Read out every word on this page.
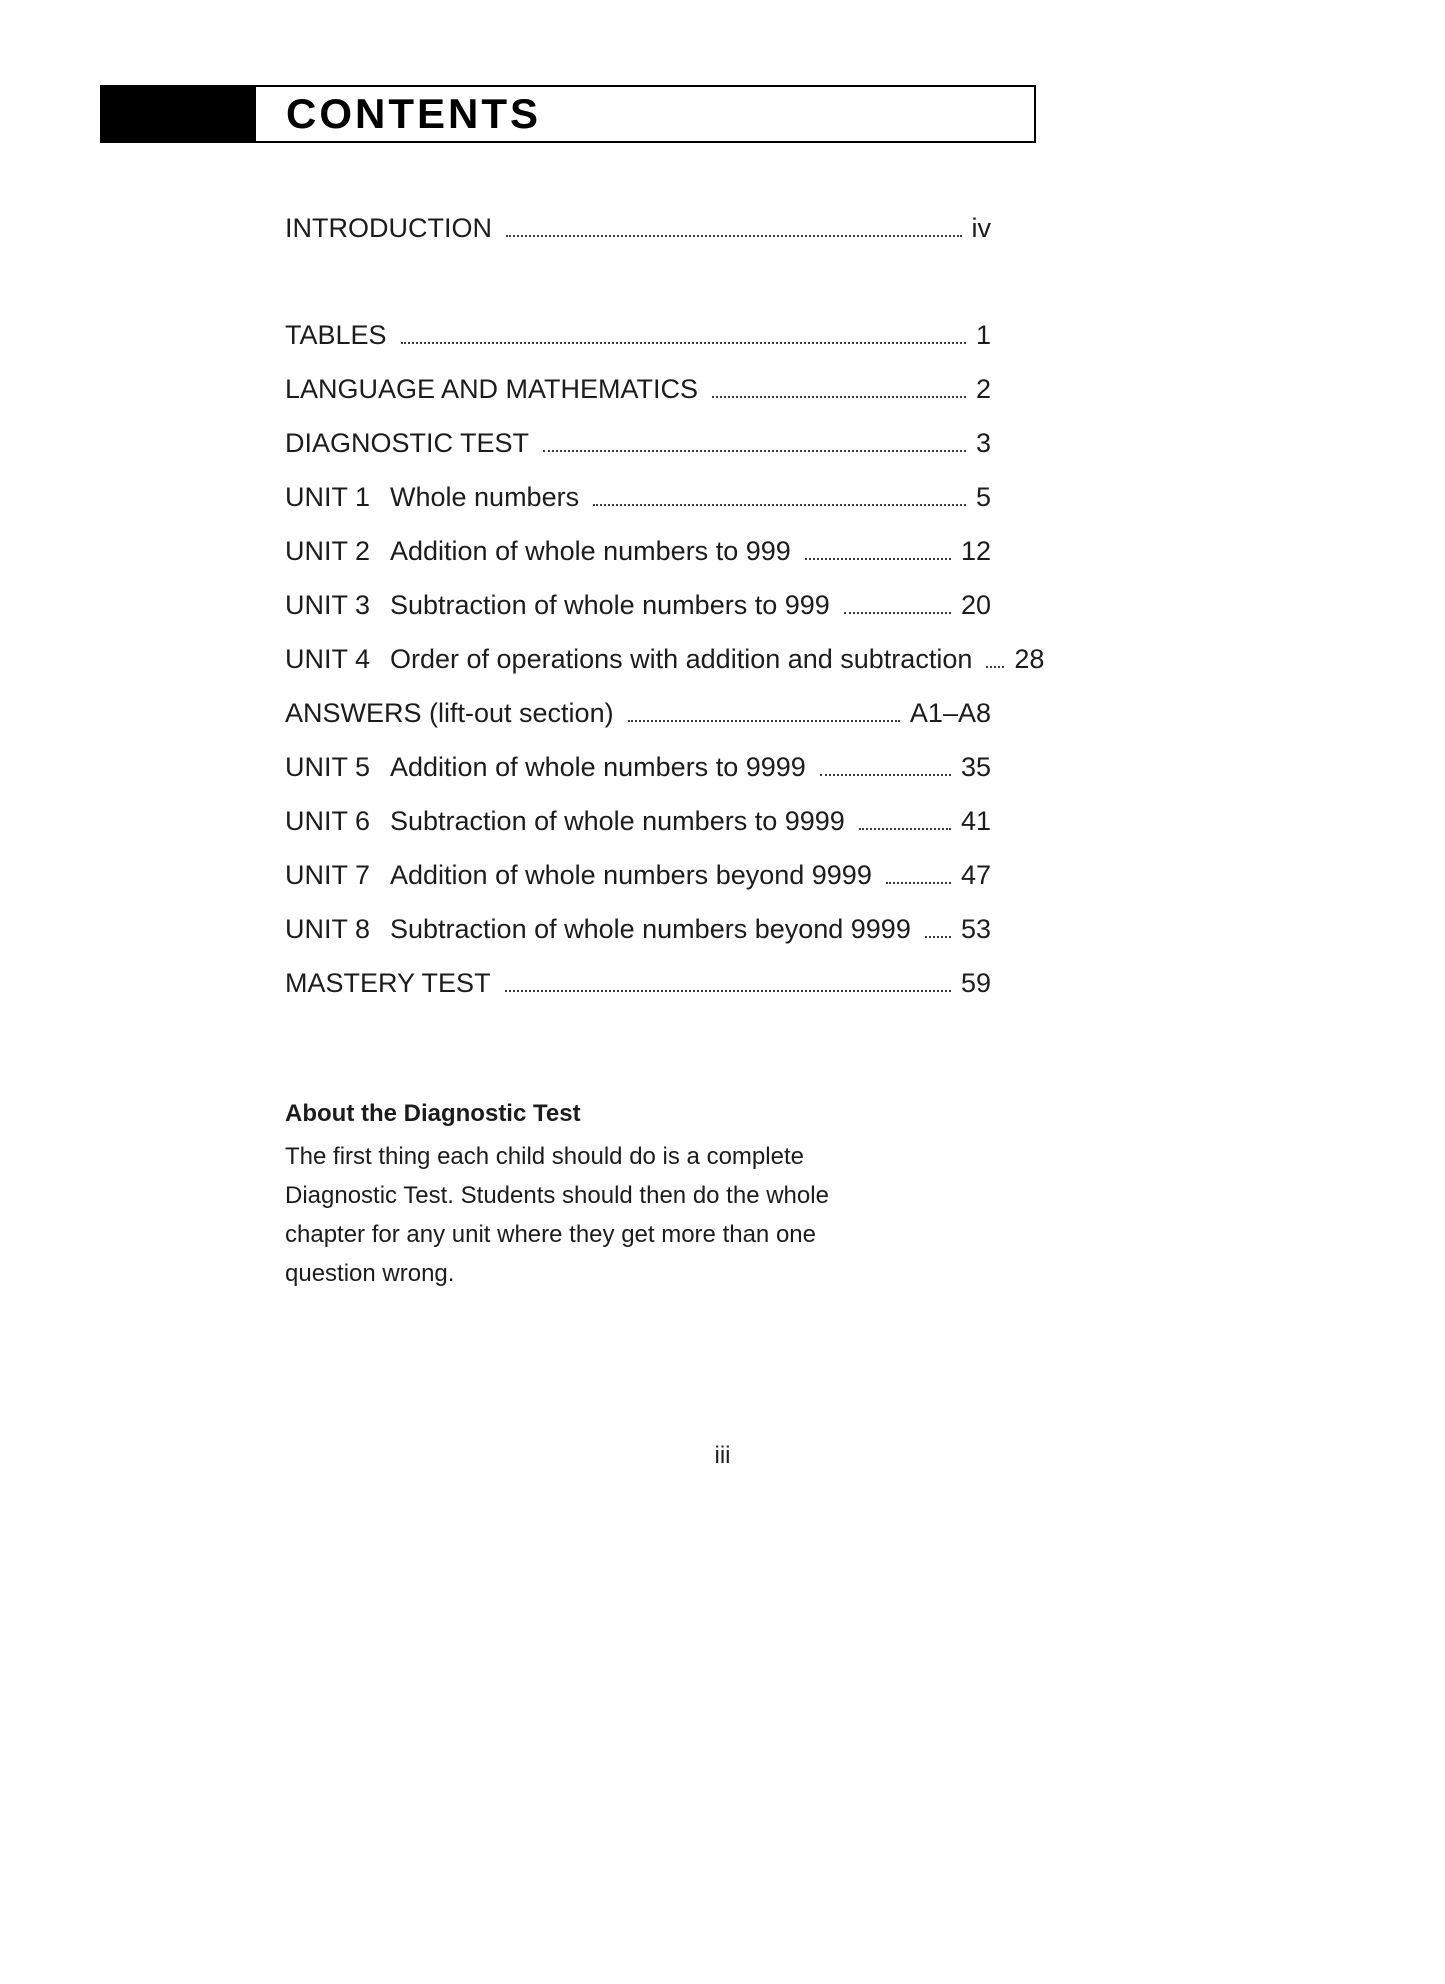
CONTENTS
INTRODUCTION	iv
TABLES	1
LANGUAGE AND MATHEMATICS	2
DIAGNOSTIC TEST	3
UNIT 1 Whole numbers	5
UNIT 2 Addition of whole numbers to 999	12
UNIT 3 Subtraction of whole numbers to 999	20
UNIT 4 Order of operations with addition and subtraction 28
ANSWERS (lift-out section)	A1–A8
UNIT 5 Addition of whole numbers to 9999	35
UNIT 6 Subtraction of whole numbers to 9999	41
UNIT 7 Addition of whole numbers beyond 9999	47
UNIT 8 Subtraction of whole numbers beyond 9999 53
MASTERY TEST	59
About the Diagnostic Test
The first thing each child should do is a complete Diagnostic Test. Students should then do the whole chapter for any unit where they get more than one question wrong.
iii
